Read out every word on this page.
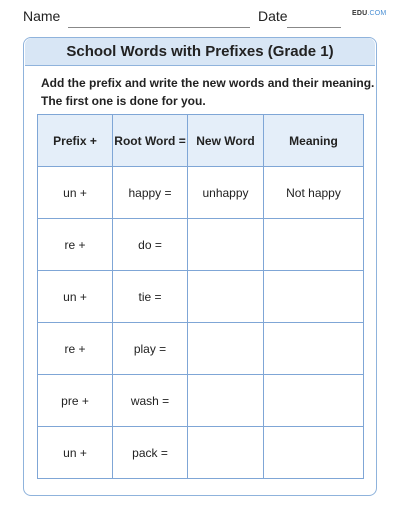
Name	Date	EDU.COM
School Words with Prefixes (Grade 1)
Add the prefix and write the new words and their meaning.
The first one is done for you.
Prefix +	Root Word =	New Word	Meaning
un +	happy =	unhappy	Not happy
re +	do =		
un +	tie =		
re +	play =		
pre +	wash =		
un +	pack =		
